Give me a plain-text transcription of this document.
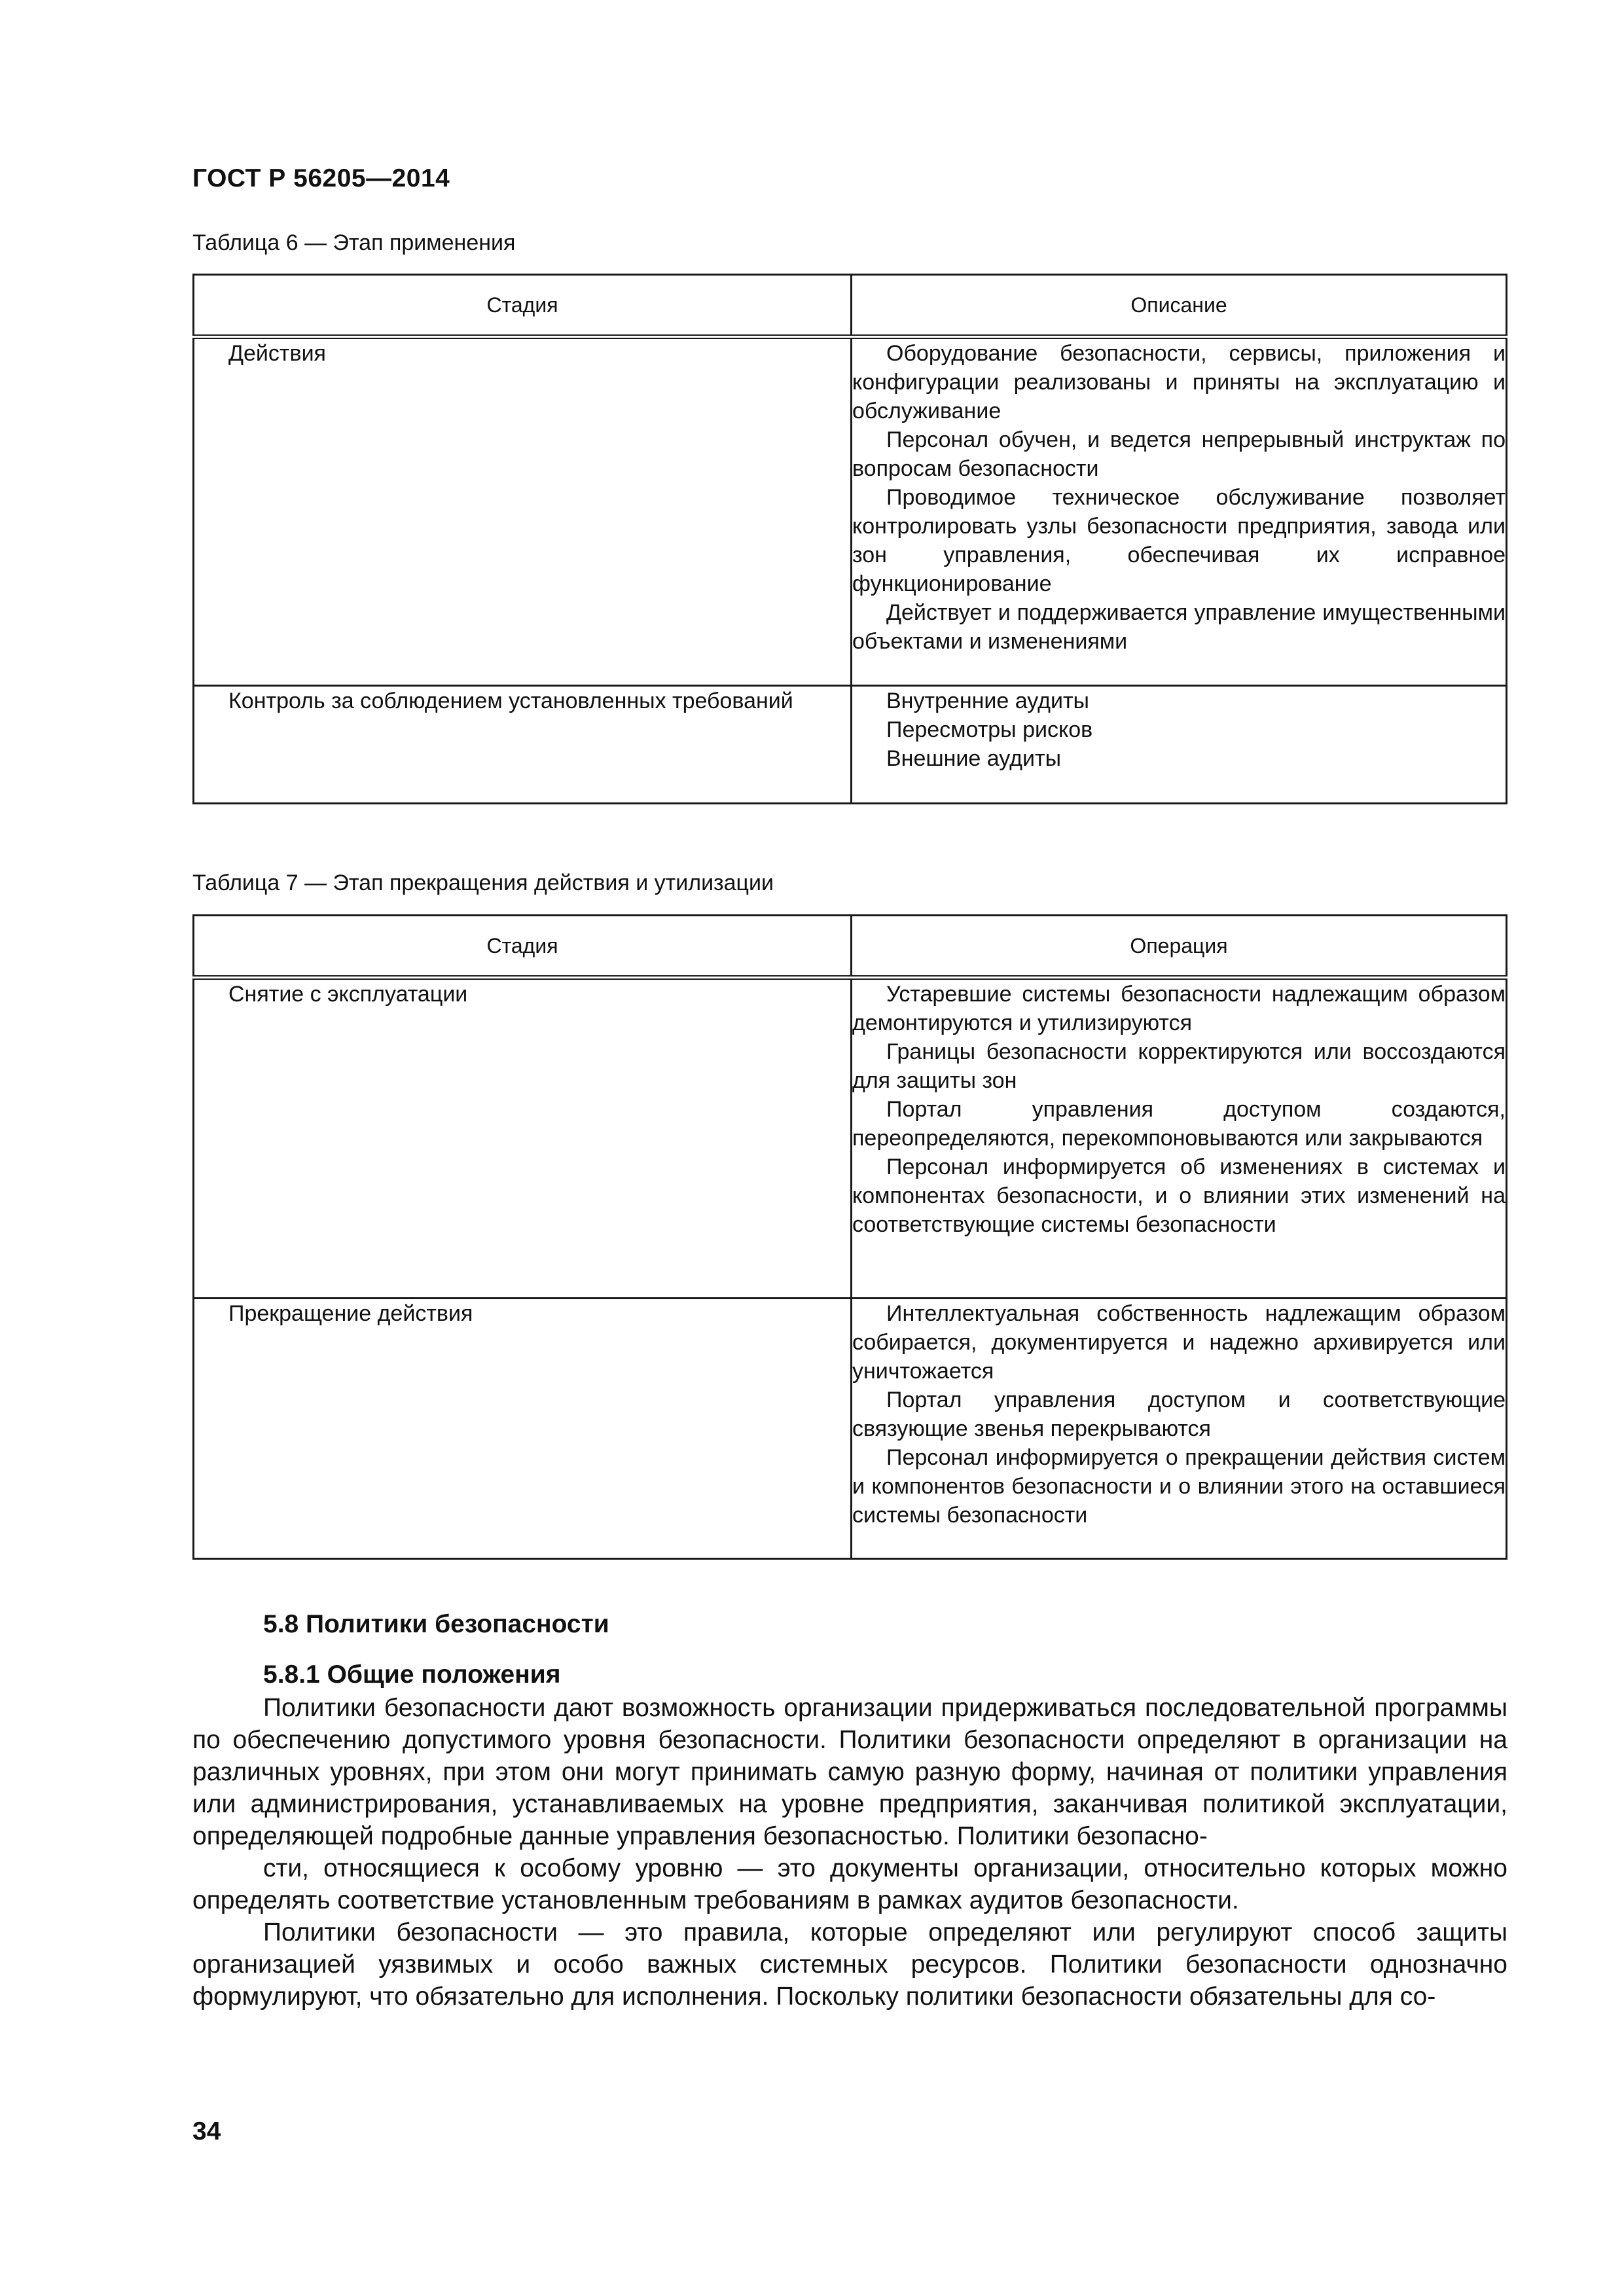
ГОСТ Р 56205—2014
Таблица 6 — Этап применения
Стадия	Описание
Действия	Оборудование безопасности, сервисы, приложения и конфигурации реализованы и приняты на эксплуатацию и обслуживание

Персонал обучен, и ведется непрерывный инструктаж по вопросам безопасности

Проводимое техническое обслуживание позволяет контролировать узлы безопасности предприятия, завода или зон управления, обеспечивая их исправное функционирование

Действует и поддерживается управление имущественными объектами и изменениями

Контроль за соблюдением установленных требований	Внутренние аудиты

Пересмотры рисков

Внешние аудиты

Таблица 7 — Этап прекращения действия и утилизации
Стадия	Операция
Снятие с эксплуатации	Устаревшие системы безопасности надлежащим образом демонтируются и утилизируются

Границы безопасности корректируются или воссоздаются для защиты зон

Портал управления доступом создаются, переопределяются, перекомпоновываются или закрываются

Персонал информируется об изменениях в системах и компонентах безопасности, и о влиянии этих изменений на соответствующие системы безопасности

Прекращение действия	Интеллектуальная собственность надлежащим образом собирается, документируется и надежно архивируется или уничтожается

Портал управления доступом и соответствующие связующие звенья перекрываются

Персонал информируется о прекращении действия систем и компонентов безопасности и о влиянии этого на оставшиеся системы безопасности

5.8 Политики безопасности
5.8.1 Общие положения

Политики безопасности дают возможность организации придерживаться последовательной программы по обеспечению допустимого уровня безопасности. Политики безопасности определяют в организации на различных уровнях, при этом они могут принимать самую разную форму, начиная от политики управления или администрирования, устанавливаемых на уровне предприятия, заканчивая политикой эксплуатации, определяющей подробные данные управления безопасностью. Политики безопасно-

сти, относящиеся к особому уровню — это документы организации, относительно которых можно определять соответствие установленным требованиям в рамках аудитов безопасности.

Политики безопасности — это правила, которые определяют или регулируют способ защиты организацией уязвимых и особо важных системных ресурсов. Политики безопасности однозначно формулируют, что обязательно для исполнения. Поскольку политики безопасности обязательны для со-

34
